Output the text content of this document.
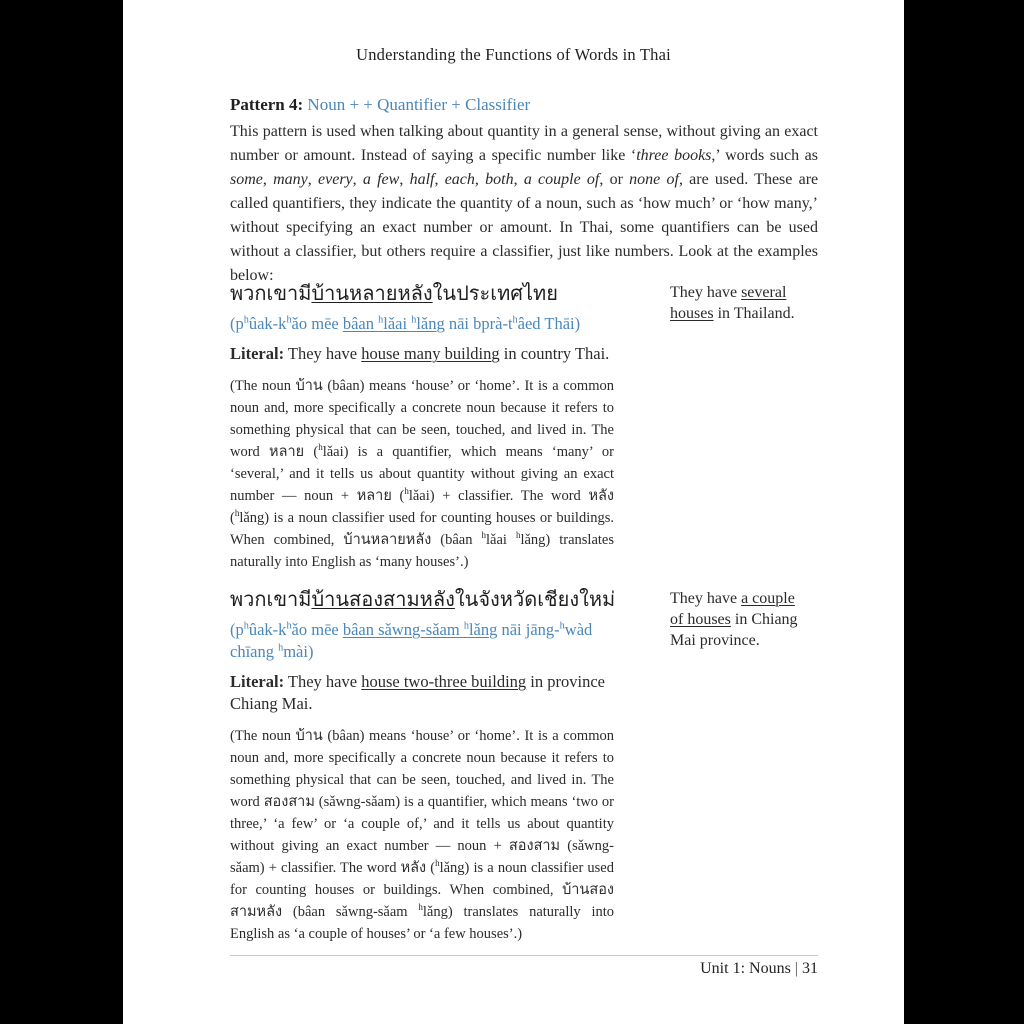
Understanding the Functions of Words in Thai
Pattern 4: Noun + + Quantifier + Classifier
This pattern is used when talking about quantity in a general sense, without giving an exact number or amount. Instead of saying a specific number like ‘three books,’ words such as some, many, every, a few, half, each, both, a couple of, or none of, are used. These are called quantifiers, they indicate the quantity of a noun, such as ‘how much’ or ‘how many,’ without specifying an exact number or amount. In Thai, some quantifiers can be used without a classifier, but others require a classifier, just like numbers. Look at the examples below:
พวกเขามีบ้านหลายหลังในประเทศไทย
($p^hûak-k^hǎo$ mēe bâan $^h$lǎai $^h$lǎng nāi bprà-$t^hâed$ Thāi)
Literal: They have house many building in country Thai.
(The noun บ้าน (bâan) means ‘house’ or ‘home’. It is a common noun and, more specifically a concrete noun because it refers to something physical that can be seen, touched, and lived in. The word หลาย ($^h$lǎai) is a quantifier, which means ‘many’ or ‘several,’ and it tells us about quantity without giving an exact number — noun + หลาย ($^h$lǎai) + classifier. The word หลัง ($^h$lǎng) is a noun classifier used for counting houses or buildings. When combined, บ้านหลายหลัง (bâan $^h$lǎai $^h$lǎng) translates naturally into English as ‘many houses’.)
They have several houses in Thailand.
พวกเขามีบ้านสองสามหลังในจังหวัดเชียงใหม่
($p^hûak-k^hǎo$ mēe bâan sǎwng-sǎam $^h$lǎng nāi jāng-$^h$wàd chīang $^h$mài)
Literal: They have house two-three building in province Chiang Mai.
(The noun บ้าน (bâan) means ‘house’ or ‘home’. It is a common noun and, more specifically a concrete noun because it refers to something physical that can be seen, touched, and lived in. The word สองสาม (sǎwng-sǎam) is a quantifier, which means ‘two or three,’ ‘a few’ or ‘a couple of,’ and it tells us about quantity without giving an exact number — noun + สองสาม (sǎwng-sǎam) + classifier. The word หลัง ($^h$lǎng) is a noun classifier used for counting houses or buildings. When combined, บ้านสองสามหลัง (bâan sǎwng-sǎam $^h$lǎng) translates naturally into English as ‘a couple of houses’ or ‘a few houses’.)
They have a couple of houses in Chiang Mai province.
Unit 1: Nouns | 31
